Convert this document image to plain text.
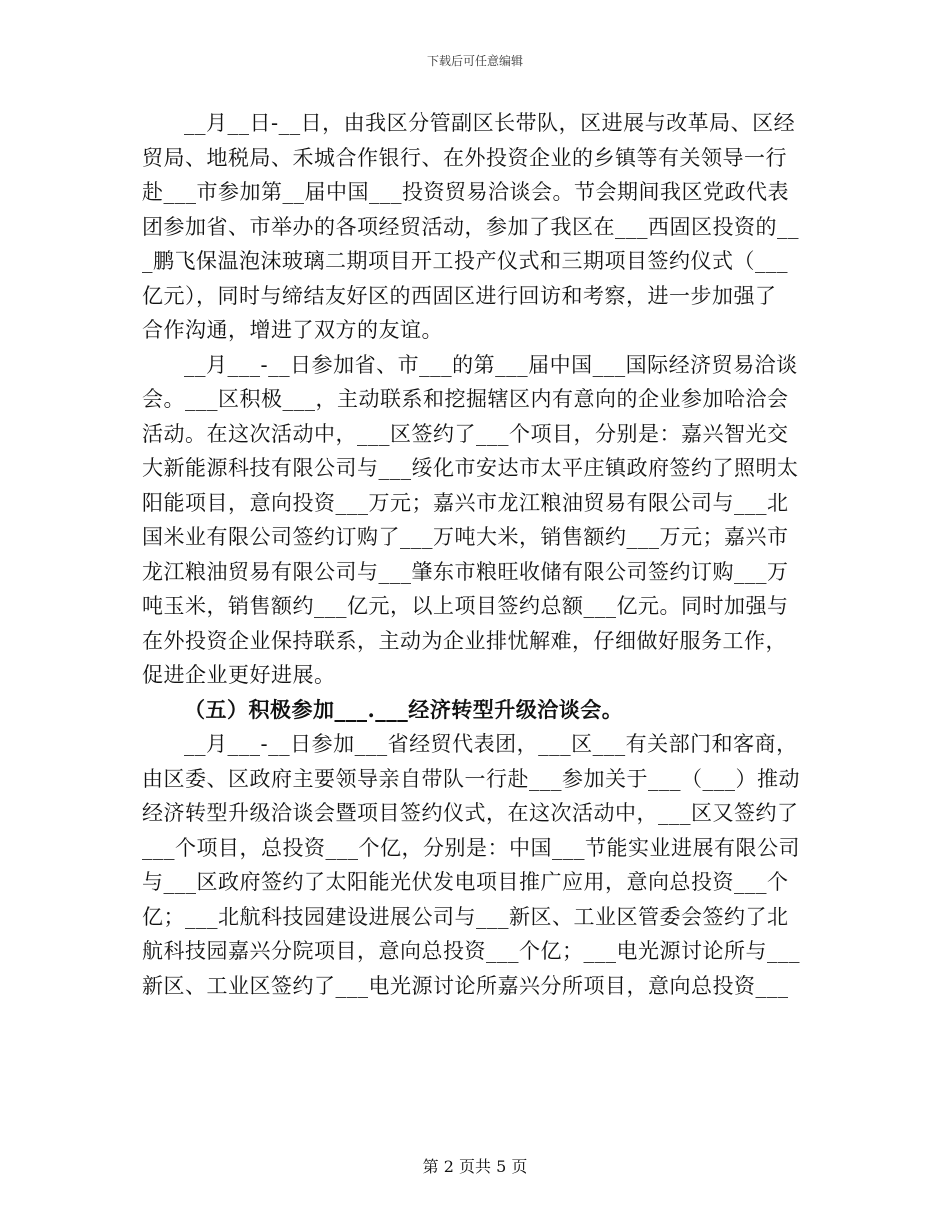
下载后可任意编辑
__月__日-__日，由我区分管副区长带队，区进展与改革局、区经
贸局、地税局、禾城合作银行、在外投资企业的乡镇等有关领导一行
赴___市参加第__届中国___投资贸易洽谈会。节会期间我区党政代表
团参加省、市举办的各项经贸活动，参加了我区在___西固区投资的__
_鹏飞保温泡沫玻璃二期项目开工投产仪式和三期项目签约仪式（___
亿元），同时与缔结友好区的西固区进行回访和考察，进一步加强了
合作沟通，增进了双方的友谊。
__月___-__日参加省、市___的第___届中国___国际经济贸易洽谈
会。___区积极___，主动联系和挖掘辖区内有意向的企业参加哈洽会
活动。在这次活动中，___区签约了___个项目，分别是：嘉兴智光交
大新能源科技有限公司与___绥化市安达市太平庄镇政府签约了照明太
阳能项目，意向投资___万元；嘉兴市龙江粮油贸易有限公司与___北
国米业有限公司签约订购了___万吨大米，销售额约___万元；嘉兴市
龙江粮油贸易有限公司与___肇东市粮旺收储有限公司签约订购___万
吨玉米，销售额约___亿元，以上项目签约总额___亿元。同时加强与
在外投资企业保持联系，主动为企业排忧解难，仔细做好服务工作，
促进企业更好进展。
（五）积极参加___.___经济转型升级洽谈会。
__月___-__日参加___省经贸代表团，___区___有关部门和客商，
由区委、区政府主要领导亲自带队一行赴___参加关于___（___）推动
经济转型升级洽谈会暨项目签约仪式，在这次活动中，___区又签约了
___个项目，总投资___个亿，分别是：中国___节能实业进展有限公司
与___区政府签约了太阳能光伏发电项目推广应用，意向总投资___个
亿；___北航科技园建设进展公司与___新区、工业区管委会签约了北
航科技园嘉兴分院项目，意向总投资___个亿；___电光源讨论所与___
新区、工业区签约了___电光源讨论所嘉兴分所项目，意向总投资___
第 2 页共 5 页
